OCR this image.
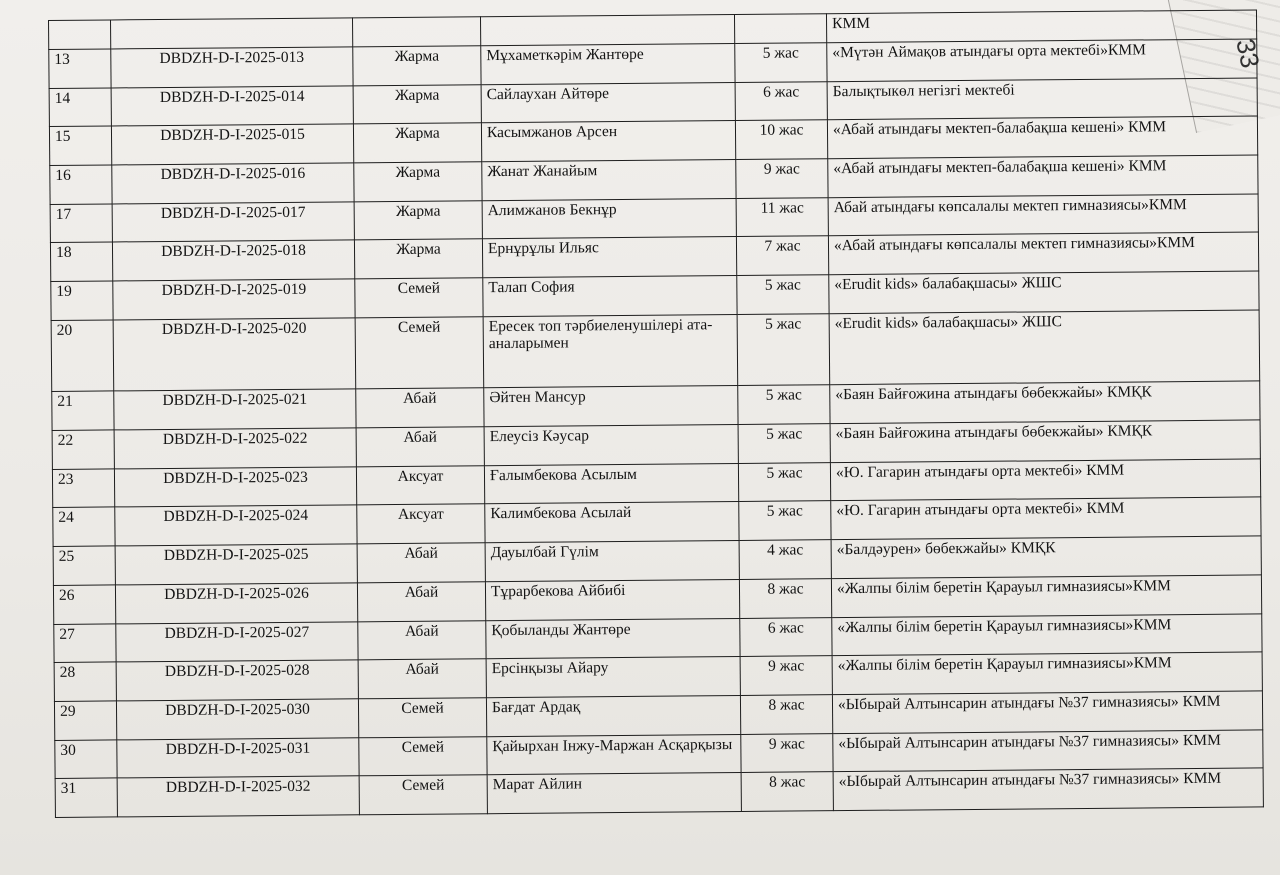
33
					КММ
13	DBDZH-D-I-2025-013	Жарма	Мұхаметкәрім Жантөре	5 жас	«Мүтән Аймақов атындағы орта мектебі»КММ
14	DBDZH-D-I-2025-014	Жарма	Сайлаухан Айтөре	6 жас	Балықтыкөл негізгі мектебі
15	DBDZH-D-I-2025-015	Жарма	Касымжанов Арсен	10 жас	«Абай атындағы мектеп-балабақша кешені» КММ
16	DBDZH-D-I-2025-016	Жарма	Жанат Жанайым	9 жас	«Абай атындағы мектеп-балабақша кешені» КММ
17	DBDZH-D-I-2025-017	Жарма	Алимжанов Бекнұр	11 жас	Абай атындағы көпсалалы мектеп гимназиясы»КММ
18	DBDZH-D-I-2025-018	Жарма	Ернұрұлы Ильяс	7 жас	«Абай атындағы көпсалалы мектеп гимназиясы»КММ
19	DBDZH-D-I-2025-019	Семей	Талап София	5 жас	«Erudit kids» балабақшасы» ЖШС
20	DBDZH-D-I-2025-020	Семей	Ересек топ тәрбиеленушілері ата-аналарымен	5 жас	«Erudit kids» балабақшасы» ЖШС
21	DBDZH-D-I-2025-021	Абай	Әйтен Мансур	5 жас	«Баян Байғожина атындағы бөбекжайы» КМҚК
22	DBDZH-D-I-2025-022	Абай	Елеусіз Кәусар	5 жас	«Баян Байғожина атындағы бөбекжайы» КМҚК
23	DBDZH-D-I-2025-023	Аксуат	Ғалымбекова Асылым	5 жас	«Ю. Гагарин атындағы орта мектебі» КММ
24	DBDZH-D-I-2025-024	Аксуат	Калимбекова Асылай	5 жас	«Ю. Гагарин атындағы орта мектебі» КММ
25	DBDZH-D-I-2025-025	Абай	Дауылбай Гүлім	4 жас	«Балдәурен» бөбекжайы» КМҚК
26	DBDZH-D-I-2025-026	Абай	Тұрарбекова Айбибі	8 жас	«Жалпы білім беретін Қарауыл гимназиясы»КММ
27	DBDZH-D-I-2025-027	Абай	Қобыланды Жантөре	6 жас	«Жалпы білім беретін Қарауыл гимназиясы»КММ
28	DBDZH-D-I-2025-028	Абай	Ерсінқызы Айару	9 жас	«Жалпы білім беретін Қарауыл гимназиясы»КММ
29	DBDZH-D-I-2025-030	Семей	Бағдат Ардақ	8 жас	«Ыбырай Алтынсарин атындағы №37 гимназиясы» КММ
30	DBDZH-D-I-2025-031	Семей	Қайырхан Інжу-Маржан Асқарқызы	9 жас	«Ыбырай Алтынсарин атындағы №37 гимназиясы» КММ
31	DBDZH-D-I-2025-032	Семей	Марат Айлин	8 жас	«Ыбырай Алтынсарин атындағы №37 гимназиясы» КММ
